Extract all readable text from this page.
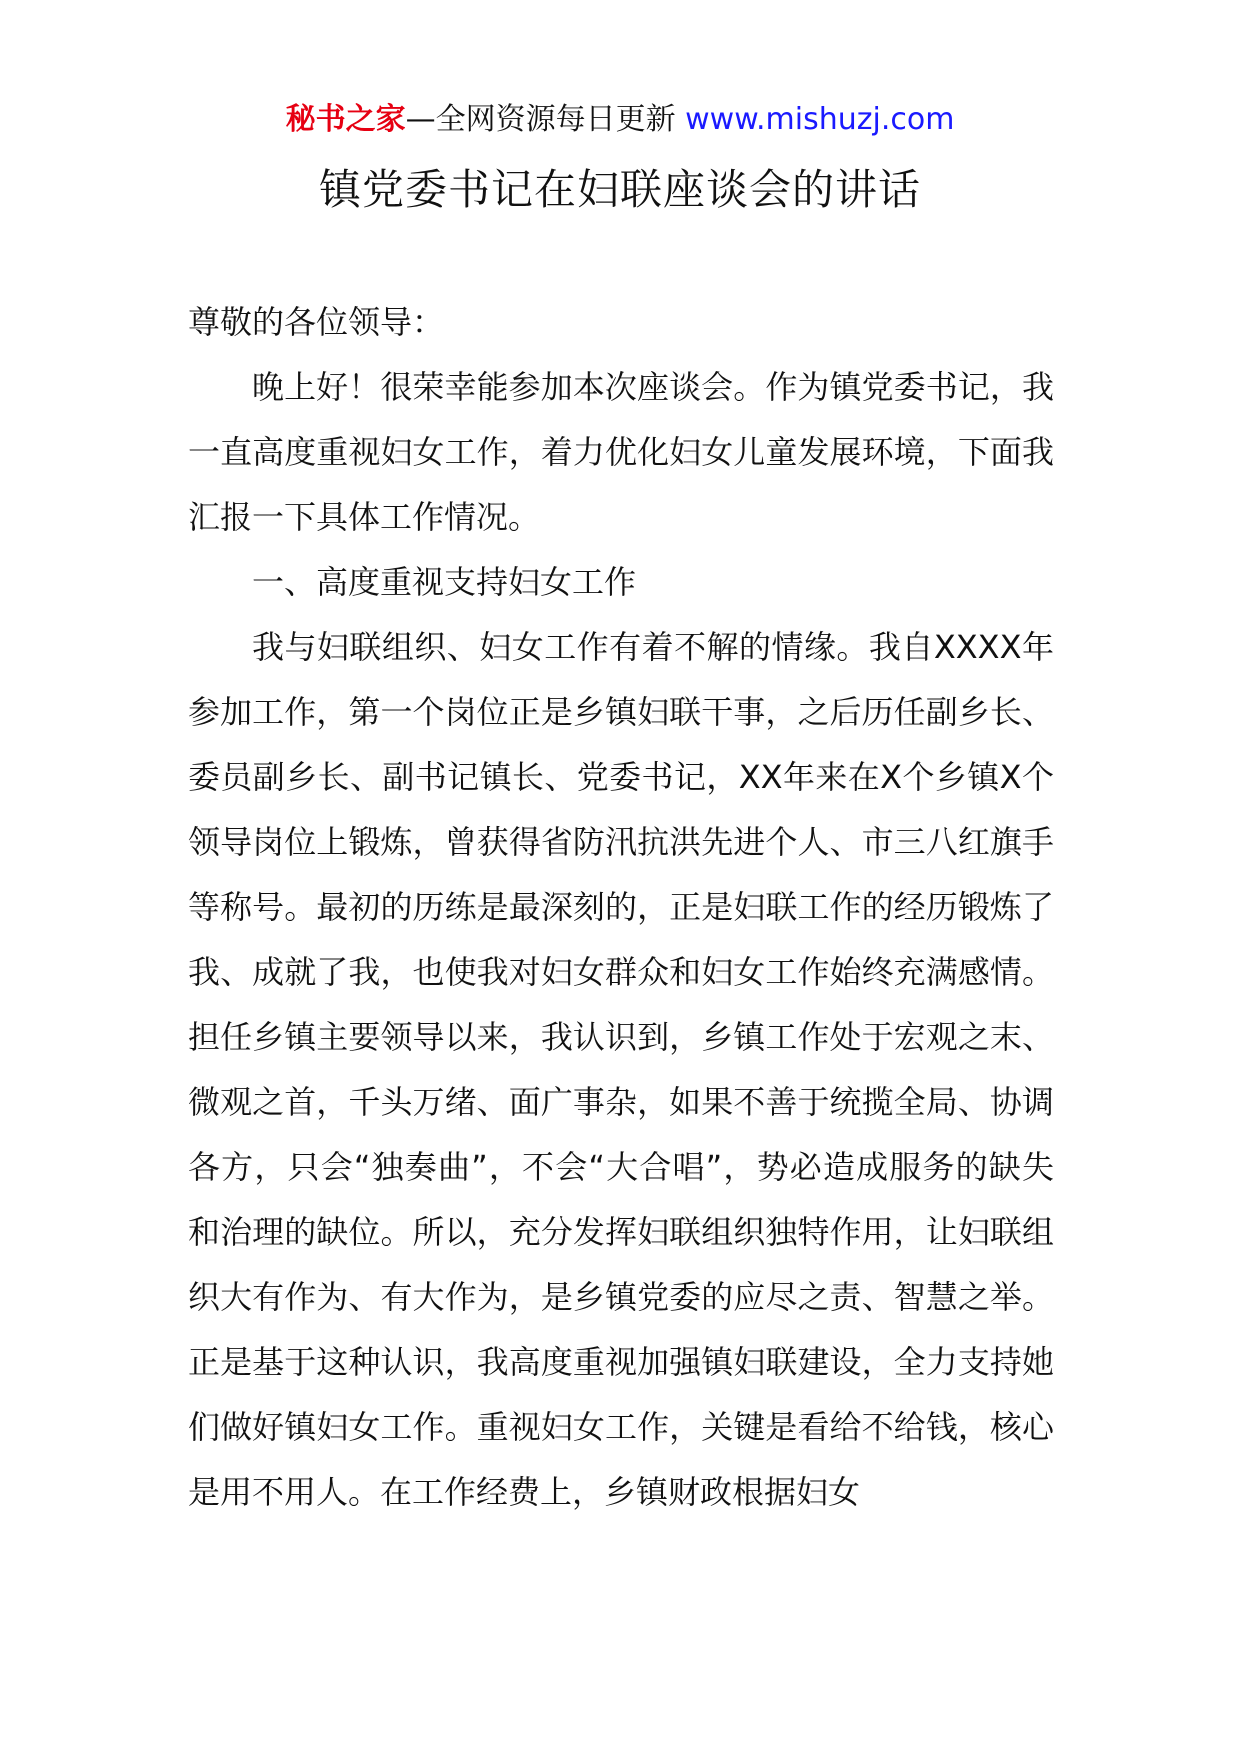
秘书之家—全网资源每日更新 www.mishuzj.com
镇党委书记在妇联座谈会的讲话

尊敬的各位领导：

晚上好！很荣幸能参加本次座谈会。作为镇党委书记，我一直高度重视妇女工作，着力优化妇女儿童发展环境，下面我汇报一下具体工作情况。

一、高度重视支持妇女工作

我与妇联组织、妇女工作有着不解的情缘。我自XXXX年参加工作，第一个岗位正是乡镇妇联干事，之后历任副乡长、委员副乡长、副书记镇长、党委书记，XX年来在X个乡镇X个领导岗位上锻炼，曾获得省防汛抗洪先进个人、市三八红旗手等称号。最初的历练是最深刻的，正是妇联工作的经历锻炼了我、成就了我，也使我对妇女群众和妇女工作始终充满感情。担任乡镇主要领导以来，我认识到，乡镇工作处于宏观之末、微观之首，千头万绪、面广事杂，如果不善于统揽全局、协调各方，只会“独奏曲”，不会“大合唱”，势必造成服务的缺失和治理的缺位。所以，充分发挥妇联组织独特作用，让妇联组织大有作为、有大作为，是乡镇党委的应尽之责、智慧之举。正是基于这种认识，我高度重视加强镇妇联建设，全力支持她们做好镇妇女工作。重视妇女工作，关键是看给不给钱，核心是用不用人。在工作经费上，乡镇财政根据妇女
